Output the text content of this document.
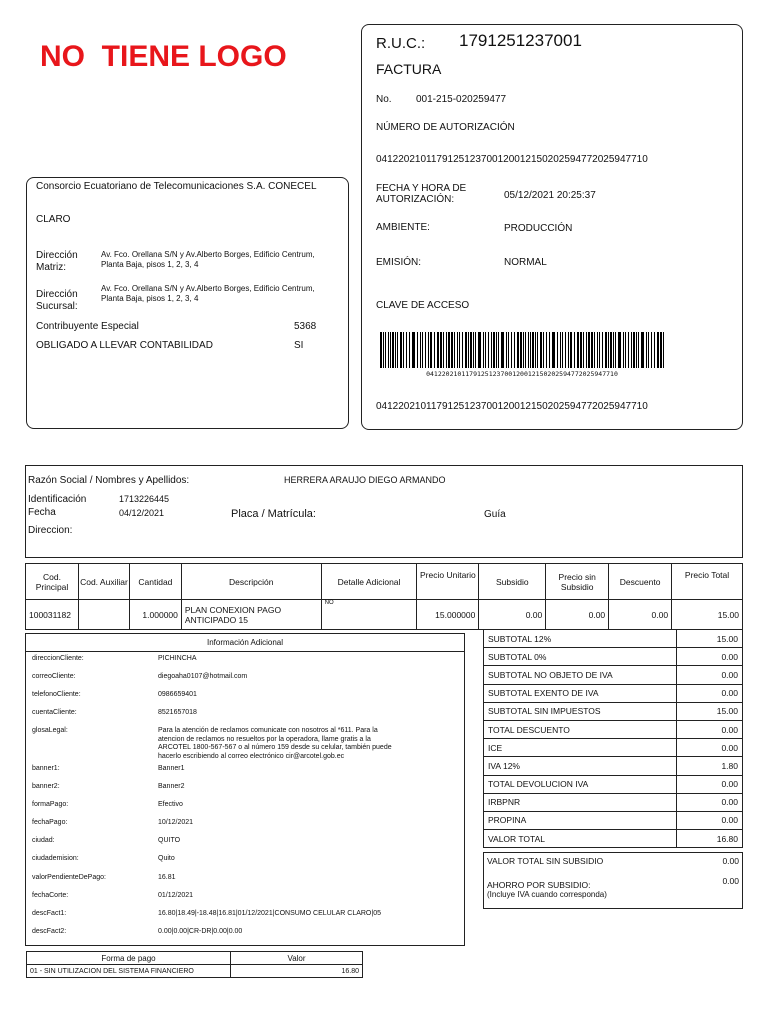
NO  TIENE LOGO
Consorcio Ecuatoriano de Telecomunicaciones S.A. CONECEL
CLARO
Dirección Matriz:
Av. Fco. Orellana S/N y Av.Alberto Borges, Edificio Centrum, Planta Baja, pisos 1, 2, 3, 4
Dirección Sucursal:
Av. Fco. Orellana S/N y Av.Alberto Borges, Edificio Centrum, Planta Baja, pisos 1, 2, 3, 4
Contribuyente Especial	5368
OBLIGADO A LLEVAR CONTABILIDAD	SI
R.U.C.: 1791251237001
FACTURA
No. 001-215-020259477
NÚMERO DE AUTORIZACIÓN
0412202101179125123700120012150202594772025947710
FECHA Y HORA DE AUTORIZACIÓN:	05/12/2021 20:25:37
AMBIENTE:	PRODUCCIÓN
EMISIÓN:	NORMAL
CLAVE DE ACCESO
0412202101179125123700120012150202594772025947710
0412202101179125123700120012150202594772025947710
Razón Social / Nombres y Apellidos:	HERRERA ARAUJO DIEGO ARMANDO
Identificación	1713226445
Fecha	04/12/2021	Placa / Matrícula:	Guía
Direccion:
Cod. Principal	Cod. Auxiliar	Cantidad	Descripción	Detalle Adicional	Precio Unitario	Subsidio	Precio sin Subsidio	Descuento	Precio Total
100031182		1.000000	PLAN CONEXION PAGO ANTICIPADO 15	NO	15.000000	0.00	0.00	0.00	15.00
Información Adicional
direccionCliente:	PICHINCHA
correoCliente:	diegoaha0107@hotmail.com
telefonoCliente:	0986659401
cuentaCliente:	8521657018
glosaLegal:	Para la atención de reclamos comunicate con nosotros al *611. Para la atencion de reclamos no resueltos por la operadora, llame gratis a la ARCOTEL 1800-567-567 o al número 159 desde su celular, también puede hacerlo escribiendo al correo electrónico cir@arcotel.gob.ec
banner1:	Banner1
banner2:	Banner2
formaPago:	Efectivo
fechaPago:	10/12/2021
ciudad:	QUITO
ciudademision:	Quito
valorPendienteDePago:	16.81
fechaCorte:	01/12/2021
descFact1:	16.80|18.49|-18.48|16.81|01/12/2021|CONSUMO CELULAR CLARO|05
descFact2:	0.00|0.00|CR-DR|0.00|0.00
SUBTOTAL 12%	15.00
SUBTOTAL 0%	0.00
SUBTOTAL NO OBJETO DE IVA	0.00
SUBTOTAL EXENTO DE IVA	0.00
SUBTOTAL SIN IMPUESTOS	15.00
TOTAL DESCUENTO	0.00
ICE	0.00
IVA 12%	1.80
TOTAL DEVOLUCION IVA	0.00
IRBPNR	0.00
PROPINA	0.00
VALOR TOTAL	16.80
VALOR TOTAL SIN SUBSIDIO	0.00
AHORRO POR SUBSIDIO:
(Incluye IVA cuando corresponda)
0.00
Forma de pago	Valor
01 - SIN UTILIZACION DEL SISTEMA FINANCIERO	16.80
